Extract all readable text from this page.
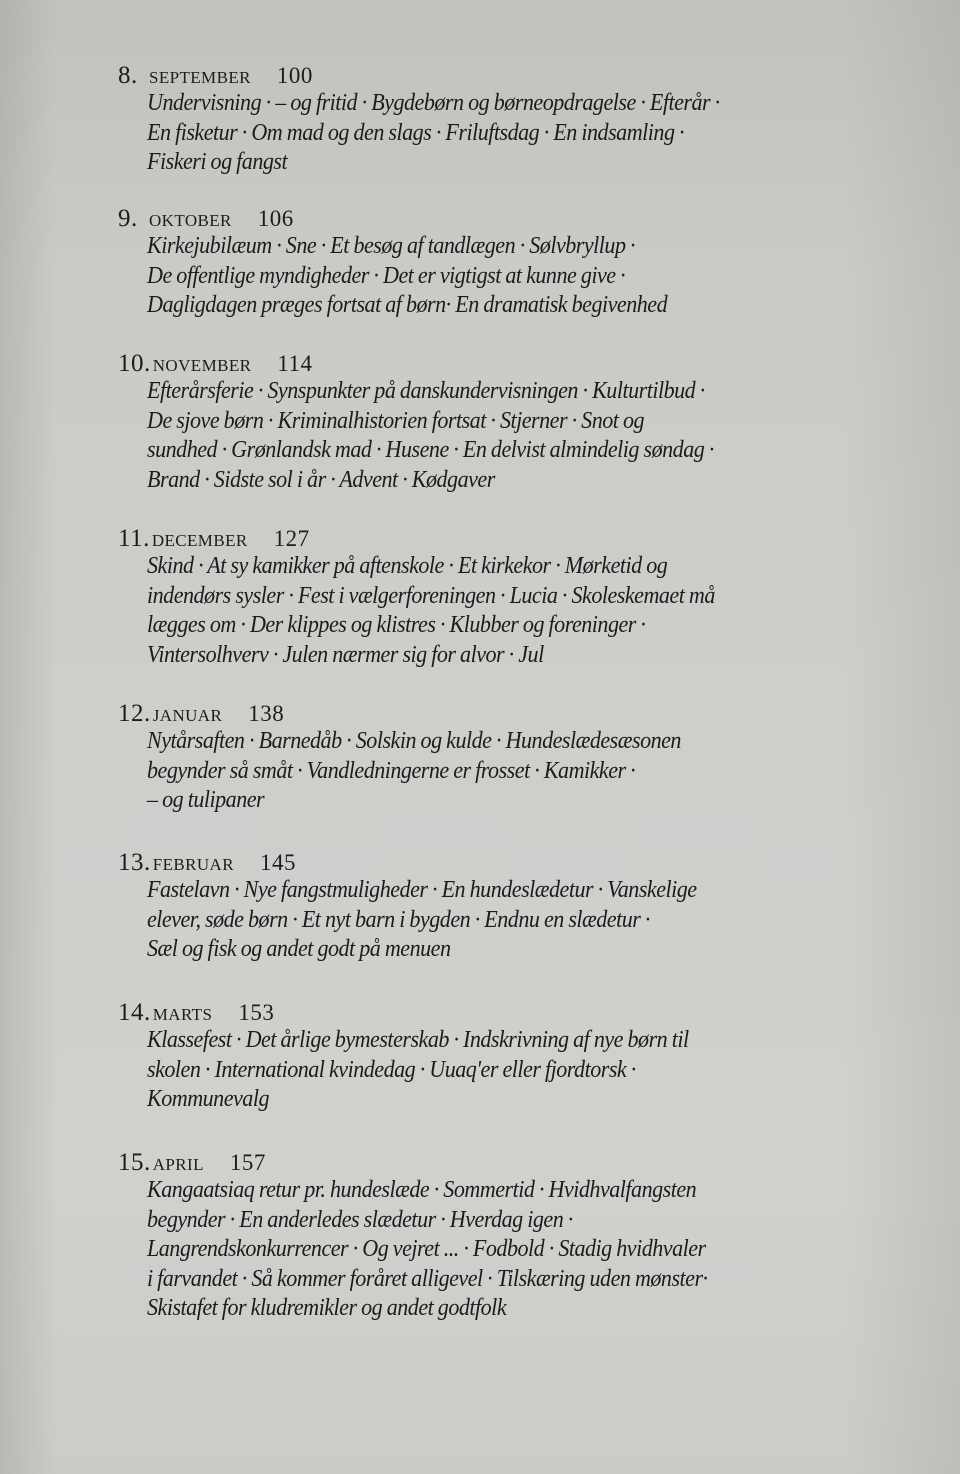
8. SEPTEMBER 100
Undervisning · – og fritid · Bygdebørn og børneopdragelse · Efterår ·
En fisketur · Om mad og den slags · Friluftsdag · En indsamling ·
Fiskeri og fangst
9. OKTOBER 106
Kirkejubilæum · Sne · Et besøg af tandlægen · Sølvbryllup ·
De offentlige myndigheder · Det er vigtigst at kunne give ·
Dagligdagen præges fortsat af børn· En dramatisk begivenhed
10. NOVEMBER 114
Efterårsferie · Synspunkter på danskundervisningen · Kulturtilbud ·
De sjove børn · Kriminalhistorien fortsat · Stjerner · Snot og
sundhed · Grønlandsk mad · Husene · En delvist almindelig søndag ·
Brand · Sidste sol i år · Advent · Kødgaver
11. DECEMBER 127
Skind · At sy kamikker på aftenskole · Et kirkekor · Mørketid og
indendørs sysler · Fest i vælgerforeningen · Lucia · Skoleskemaet må
lægges om · Der klippes og klistres · Klubber og foreninger ·
Vintersolhverv · Julen nærmer sig for alvor · Jul
12. JANUAR 138
Nytårsaften · Barnedåb · Solskin og kulde · Hundeslædesæsonen
begynder så småt · Vandledningerne er frosset · Kamikker ·
– og tulipaner
13. FEBRUAR 145
Fastelavn · Nye fangstmuligheder · En hundeslædetur · Vanskelige
elever, søde børn · Et nyt barn i bygden · Endnu en slædetur ·
Sæl og fisk og andet godt på menuen
14. MARTS 153
Klassefest · Det årlige bymesterskab · Indskrivning af nye børn til
skolen · International kvindedag · Uuaq'er eller fjordtorsk ·
Kommunevalg
15. APRIL 157
Kangaatsiaq retur pr. hundeslæde · Sommertid · Hvidhvalfangsten
begynder · En anderledes slædetur · Hverdag igen ·
Langrendskonkurrencer · Og vejret ... · Fodbold · Stadig hvidhvaler
i farvandet · Så kommer foråret alligevel · Tilskæring uden mønster·
Skistafet for kludremikler og andet godtfolk
